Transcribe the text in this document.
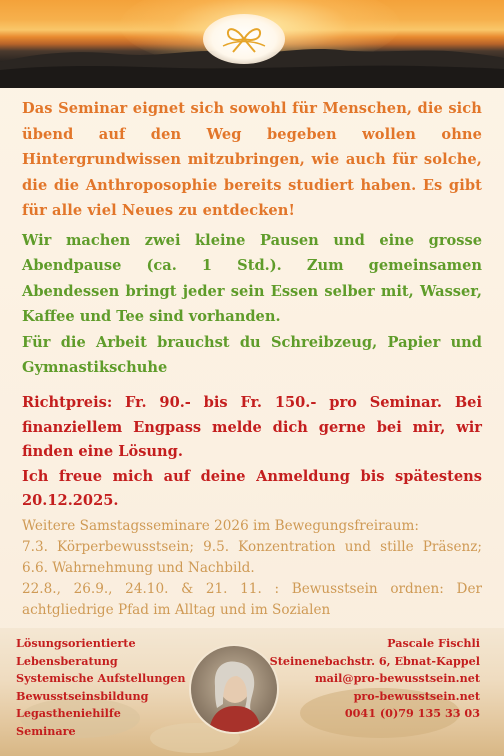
Das Seminar eignet sich sowohl für Menschen, die sich übend auf den Weg begeben wollen ohne Hintergrundwissen mitzubringen, wie auch für solche, die die Anthroposophie bereits studiert haben. Es gibt für alle viel Neues zu entdecken!
Wir machen zwei kleine Pausen und eine grosse Abendpause (ca. 1 Std.). Zum gemeinsamen Abendessen bringt jeder sein Essen selber mit, Wasser, Kaffee und Tee sind vorhanden.
Für die Arbeit brauchst du Schreibzeug, Papier und Gymnastikschuhe
Richtpreis: Fr. 90.- bis Fr. 150.- pro Seminar. Bei finanziellem Engpass melde dich gerne bei mir, wir finden eine Lösung.
Ich freue mich auf deine Anmeldung bis spätestens 20.12.2025.
Weitere Samstagsseminare 2026 im Bewegungsfreiraum:
7.3. Körperbewusstsein; 9.5. Konzentration und stille Präsenz; 6.6. Wahrnehmung und Nachbild.
22.8., 26.9., 24.10. & 21. 11. : Bewusstsein ordnen: Der achtgliedrige Pfad im Alltag und im Sozialen
Lösungsorientierte
Lebensberatung
Systemische Aufstellungen
Bewusstseinsbildung
Legastheniehilfe
Seminare
Pascale Fischli
Steinenebachstr. 6, Ebnat-Kappel
mail@pro-bewusstsein.net
pro-bewusstsein.net
0041 (0)79 135 33 03
